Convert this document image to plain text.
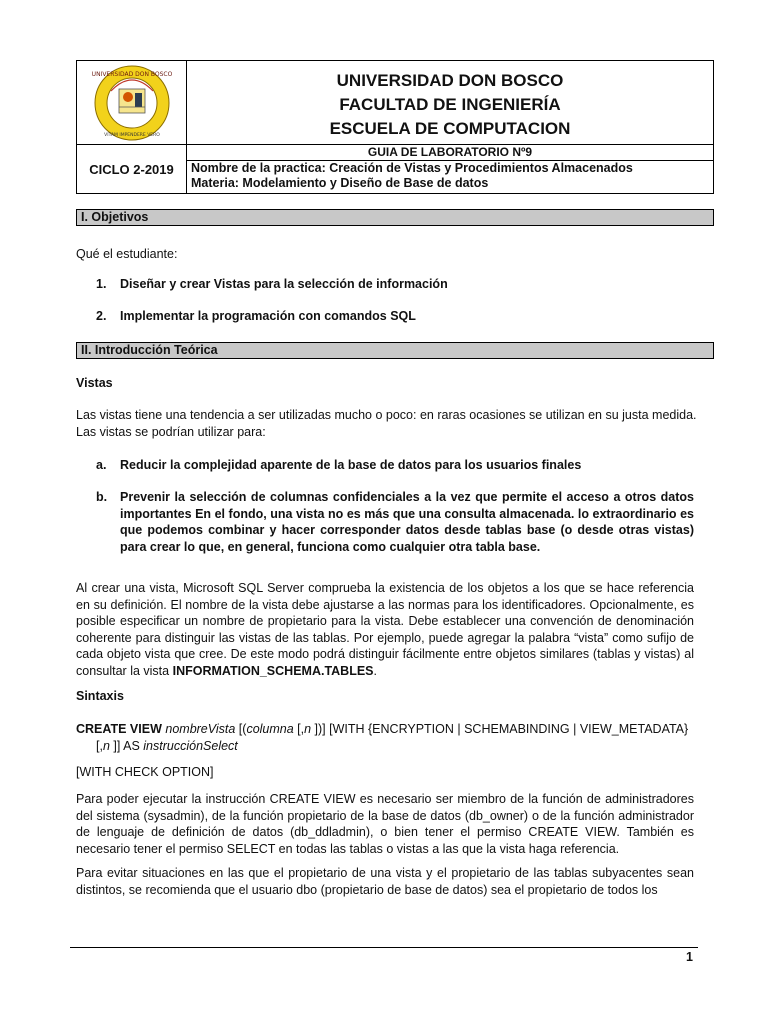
UNIVERSIDAD DON BOSCO
VITAM IMPENDERE VERO
UNIVERSIDAD DON BOSCO
FACULTAD DE INGENIERÍA
ESCUELA DE COMPUTACION
CICLO 2-2019
GUIA DE LABORATORIO Nº9
Nombre de la practica: Creación de Vistas y Procedimientos Almacenados
Materia: Modelamiento y Diseño de Base de datos
I. Objetivos
Qué el estudiante:
1. Diseñar y crear Vistas para la selección de información
2. Implementar la programación con comandos SQL
II. Introducción Teórica
Vistas
Las vistas tiene una tendencia a ser utilizadas mucho o poco: en raras ocasiones se utilizan en su justa medida.
Las vistas se podrían utilizar para:
a. Reducir la complejidad aparente de la base de datos para los usuarios finales
b. Prevenir la selección de columnas confidenciales a la vez que permite el acceso a otros datos importantes En el fondo, una vista no es más que una consulta almacenada. lo extraordinario es que podemos combinar y hacer corresponder datos desde tablas base (o desde otras vistas) para crear lo que, en general, funciona como cualquier otra tabla base.
Al crear una vista, Microsoft SQL Server comprueba la existencia de los objetos a los que se hace referencia en su definición. El nombre de la vista debe ajustarse a las normas para los identificadores. Opcionalmente, es posible especificar un nombre de propietario para la vista. Debe establecer una convención de denominación coherente para distinguir las vistas de las tablas. Por ejemplo, puede agregar la palabra “vista” como sufijo de cada objeto vista que cree. De este modo podrá distinguir fácilmente entre objetos similares (tablas y vistas) al consultar la vista INFORMATION_SCHEMA.TABLES.
Sintaxis
CREATE VIEW nombreVista [(columna [,n ])] [WITH {ENCRYPTION | SCHEMABINDING | VIEW_METADATA}
[,n ]] AS instrucciónSelect
[WITH CHECK OPTION]
Para poder ejecutar la instrucción CREATE VIEW es necesario ser miembro de la función de administradores del sistema (sysadmin), de la función propietario de la base de datos (db_owner) o de la función administrador de lenguaje de definición de datos (db_ddladmin), o bien tener el permiso CREATE VIEW. También es necesario tener el permiso SELECT en todas las tablas o vistas a las que la vista haga referencia.
Para evitar situaciones en las que el propietario de una vista y el propietario de las tablas subyacentes sean distintos, se recomienda que el usuario dbo (propietario de base de datos) sea el propietario de todos los
1
